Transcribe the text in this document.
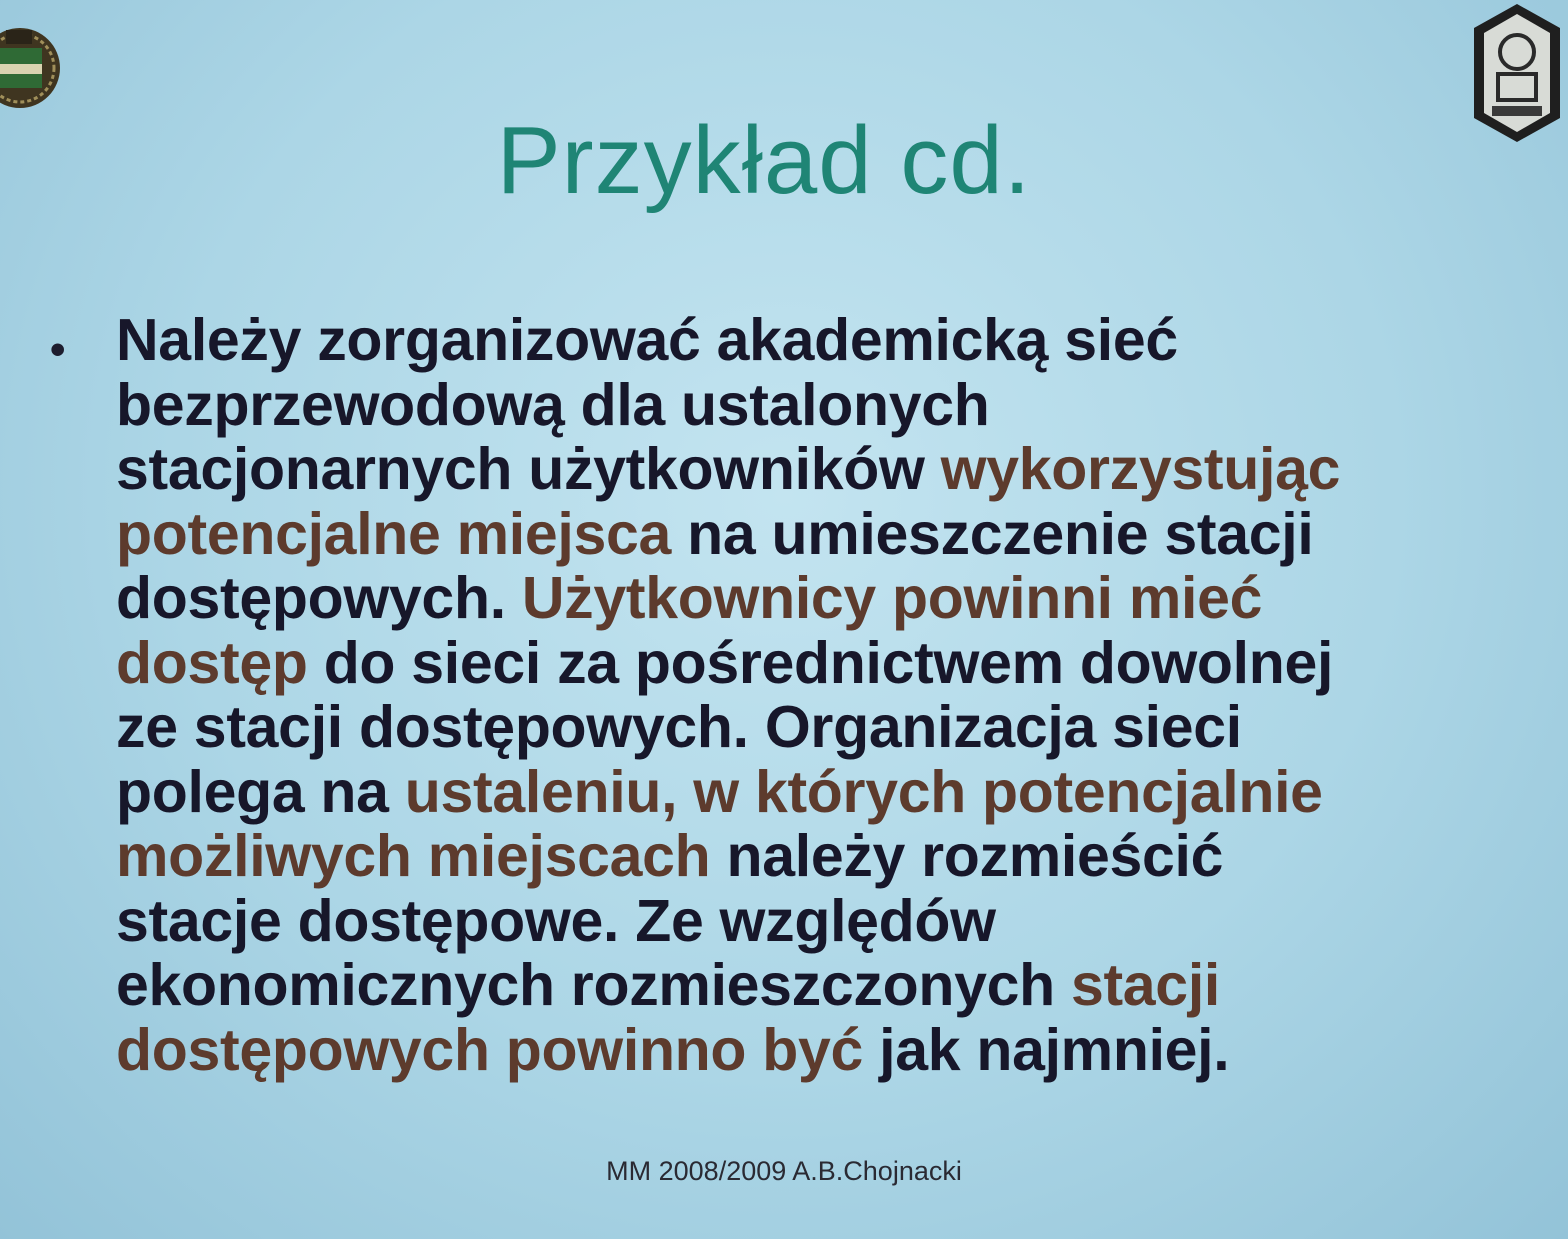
Przykład cd.
• Należy zorganizować akademicką sieć
bezprzewodową dla ustalonych
stacjonarnych użytkowników wykorzystując
potencjalne miejsca na umieszczenie stacji
dostępowych. Użytkownicy powinni mieć
dostęp do sieci za pośrednictwem dowolnej
ze stacji dostępowych. Organizacja sieci
polega na ustaleniu, w których potencjalnie
możliwych miejscach należy rozmieścić
stacje dostępowe. Ze względów
ekonomicznych rozmieszczonych stacji
dostępowych powinno być jak najmniej.

MM 2008/2009 A.B.Chojnacki
